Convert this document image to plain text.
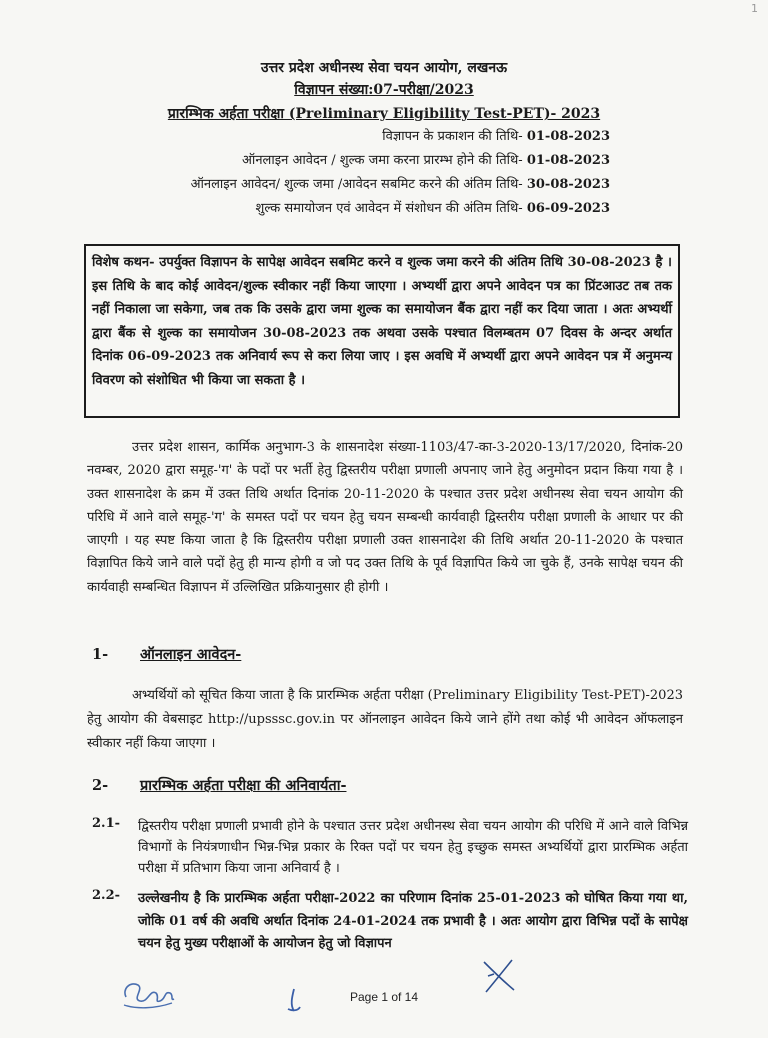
1
उत्तर प्रदेश अधीनस्थ सेवा चयन आयोग, लखनऊ
विज्ञापन संख्या:07-परीक्षा/2023
प्रारम्भिक अर्हता परीक्षा (Preliminary Eligibility Test-PET)- 2023
विज्ञापन के प्रकाशन की तिथि- 01-08-2023
ऑनलाइन आवेदन / शुल्क जमा करना प्रारम्भ होने की तिथि- 01-08-2023
ऑनलाइन आवेदन/ शुल्क जमा /आवेदन सबमिट करने की अंतिम तिथि- 30-08-2023
शुल्क समायोजन एवं आवेदन में संशोधन की अंतिम तिथि- 06-09-2023
विशेष कथन- उपर्युक्त विज्ञापन के सापेक्ष आवेदन सबमिट करने व शुल्क जमा करने की अंतिम तिथि 30-08-2023 है । इस तिथि के बाद कोई आवेदन/शुल्क स्वीकार नहीं किया जाएगा । अभ्यर्थी द्वारा अपने आवेदन पत्र का प्रिंटआउट तब तक नहीं निकाला जा सकेगा, जब तक कि उसके द्वारा जमा शुल्क का समायोजन बैंक द्वारा नहीं कर दिया जाता । अतः अभ्यर्थी द्वारा बैंक से शुल्क का समायोजन 30-08-2023 तक अथवा उसके पश्चात विलम्बतम 07 दिवस के अन्दर अर्थात दिनांक 06-09-2023 तक अनिवार्य रूप से करा लिया जाए । इस अवधि में अभ्यर्थी द्वारा अपने आवेदन पत्र में अनुमन्य विवरण को संशोधित भी किया जा सकता है ।
उत्तर प्रदेश शासन, कार्मिक अनुभाग-3 के शासनादेश संख्या-1103/47-का-3-2020-13/17/2020, दिनांक-20 नवम्बर, 2020 द्वारा समूह-'ग' के पदों पर भर्ती हेतु द्विस्तरीय परीक्षा प्रणाली अपनाए जाने हेतु अनुमोदन प्रदान किया गया है । उक्त शासनादेश के क्रम में उक्त तिथि अर्थात दिनांक 20-11-2020 के पश्चात उत्तर प्रदेश अधीनस्थ सेवा चयन आयोग की परिधि में आने वाले समूह-'ग' के समस्त पदों पर चयन हेतु चयन सम्बन्धी कार्यवाही द्विस्तरीय परीक्षा प्रणाली के आधार पर की जाएगी । यह स्पष्ट किया जाता है कि द्विस्तरीय परीक्षा प्रणाली उक्त शासनादेश की तिथि अर्थात 20-11-2020 के पश्चात विज्ञापित किये जाने वाले पदों हेतु ही मान्य होगी व जो पद उक्त तिथि के पूर्व विज्ञापित किये जा चुके हैं, उनके सापेक्ष चयन की कार्यवाही सम्बन्धित विज्ञापन में उल्लिखित प्रक्रियानुसार ही होगी ।
1- ऑनलाइन आवेदन-
अभ्यर्थियों को सूचित किया जाता है कि प्रारम्भिक अर्हता परीक्षा (Preliminary Eligibility Test-PET)-2023 हेतु आयोग की वेबसाइट http://upsssc.gov.in पर ऑनलाइन आवेदन किये जाने होंगे तथा कोई भी आवेदन ऑफलाइन स्वीकार नहीं किया जाएगा ।
2- प्रारम्भिक अर्हता परीक्षा की अनिवार्यता-
2.1- द्विस्तरीय परीक्षा प्रणाली प्रभावी होने के पश्चात उत्तर प्रदेश अधीनस्थ सेवा चयन आयोग की परिधि में आने वाले विभिन्न विभागों के नियंत्रणाधीन भिन्न-भिन्न प्रकार के रिक्त पदों पर चयन हेतु इच्छुक समस्त अभ्यर्थियों द्वारा प्रारम्भिक अर्हता परीक्षा में प्रतिभाग किया जाना अनिवार्य है ।
2.2- उल्लेखनीय है कि प्रारम्भिक अर्हता परीक्षा-2022 का परिणाम दिनांक 25-01-2023 को घोषित किया गया था, जोकि 01 वर्ष की अवधि अर्थात दिनांक 24-01-2024 तक प्रभावी है । अतः आयोग द्वारा विभिन्न पदों के सापेक्ष चयन हेतु मुख्य परीक्षाओं के आयोजन हेतु जो विज्ञापन
Page 1 of 14
